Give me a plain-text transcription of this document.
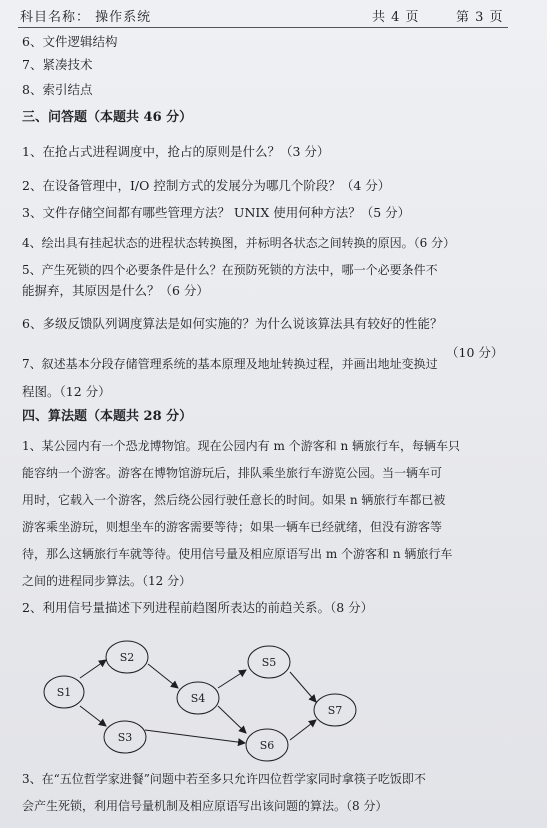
科目名称： 操作系统	共 4 页	第 3 页
6、文件逻辑结构
7、紧凑技术
8、索引结点
三、问答题（本题共 46 分）
1、在抢占式进程调度中，抢占的原则是什么？（3 分）
2、在设备管理中，I/O 控制方式的发展分为哪几个阶段？（4 分）
3、文件存储空间都有哪些管理方法？ UNIX 使用何种方法？（5 分）
4、绘出具有挂起状态的进程状态转换图，并标明各状态之间转换的原因。（6 分）
5、产生死锁的四个必要条件是什么？在预防死锁的方法中，哪一个必要条件不
能摒弃，其原因是什么？（6 分）
6、多级反馈队列调度算法是如何实施的？为什么说该算法具有较好的性能？
（10 分）
7、叙述基本分段存储管理系统的基本原理及地址转换过程，并画出地址变换过
程图。（12 分）
四、算法题（本题共 28 分）
1、某公园内有一个恐龙博物馆。现在公园内有 m 个游客和 n 辆旅行车，每辆车只
能容纳一个游客。游客在博物馆游玩后，排队乘坐旅行车游览公园。当一辆车可
用时，它载入一个游客，然后绕公园行驶任意长的时间。如果 n 辆旅行车都已被
游客乘坐游玩，则想坐车的游客需要等待；如果一辆车已经就绪，但没有游客等
待，那么这辆旅行车就等待。使用信号量及相应原语写出 m 个游客和 n 辆旅行车
之间的进程同步算法。（12 分）
2、利用信号量描述下列进程前趋图所表达的前趋关系。（8 分）
S1
S2
S3
S4
S5
S6
S7
3、在“五位哲学家进餐”问题中若至多只允许四位哲学家同时拿筷子吃饭即不
会产生死锁，利用信号量机制及相应原语写出该问题的算法。（8 分）
